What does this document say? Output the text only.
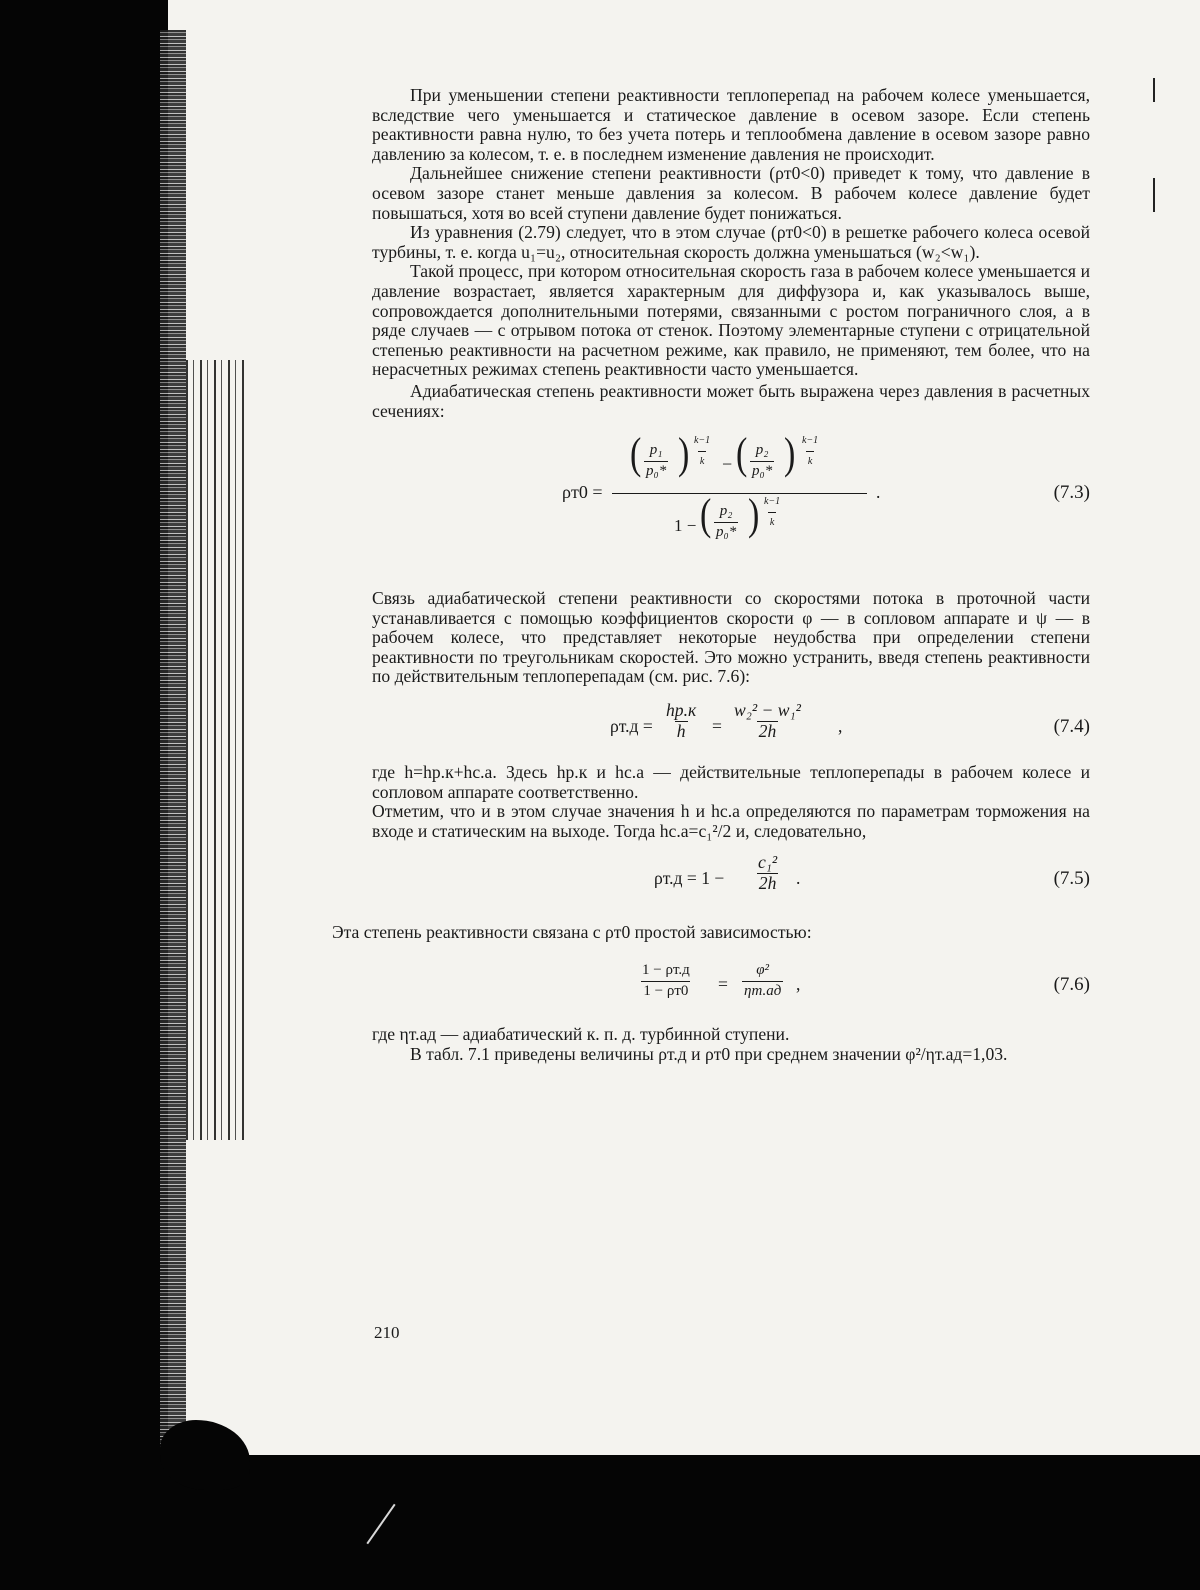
При уменьшении степени реактивности теплоперепад на рабочем колесе уменьшается, вследствие чего уменьшается и статическое давление в осевом зазоре. Если степень реактивности равна нулю, то без учета потерь и теплообмена давление в осевом зазоре равно давлению за колесом, т. е. в последнем изменение давления не происходит.

Дальнейшее снижение степени реактивности (ρт0<0) приведет к тому, что давление в осевом зазоре станет меньше давления за колесом. В рабочем колесе давление будет повышаться, хотя во всей ступени давление будет понижаться.

Из уравнения (2.79) следует, что в этом случае (ρт0<0) в решетке рабочего колеса осевой турбины, т. е. когда u₁=u₂, относительная скорость должна уменьшаться (w₂<w₁).

Такой процесс, при котором относительная скорость газа в рабочем колесе уменьшается и давление возрастает, является характерным для диффузора и, как указывалось выше, сопровождается дополнительными потерями, связанными с ростом пограничного слоя, а в ряде случаев — с отрывом потока от стенок. Поэтому элементарные ступени с отрицательной степенью реактивности на расчетном режиме, как правило, не применяют, тем более, что на нерасчетных режимах степень реактивности часто уменьшается.

Адиабатическая степень реактивности может быть выражена через давления в расчетных сечениях:

ρт0 =
( $\frac{\text{p₁}}{\text{p₀*}}$ ) $\frac{k-1}{k}$ − ( $\frac{\text{p₂}}{\text{p₀*}}$ ) $\frac{k-1}{k}$
1 − ( $\frac{\text{p₂}}{\text{p₀*}}$ ) $\frac{k-1}{k}$	.	(7.3)

Связь адиабатической степени реактивности со скоростями потока в проточной части устанавливается с помощью коэффициентов скорости φ — в сопловом аппарате и ψ — в рабочем колесе, что представляет некоторые неудобства при определении степени реактивности по треугольникам скоростей. Это можно устранить, введя степень реактивности по действительным теплоперепадам (см. рис. 7.6):

ρт.д =
hр.к
$h = \frac{\text{w₂² − w₁²}}{2h}$ ,	(7.4)

где h=hр.к+hс.а. Здесь hр.к и hс.а — действительные теплоперепады в рабочем колесе и сопловом аппарате соответственно.

Отметим, что и в этом случае значения h и hс.а определяются по параметрам торможения на входе и статическим на выходе. Тогда hс.а=c₁²/2 и, следовательно,

$\rho т.д = 1 - \frac{\text{c₁²}}{2h}$ .	(7.5)

Эта степень реактивности связана с ρт0 простой зависимостью:

1 − ρт.д
1 − ρт0 =
φ²
ηт.ад ,	(7.6)

где ηт.ад — адиабатический к. п. д. турбинной ступени.

В табл. 7.1 приведены величины ρт.д и ρт0 при среднем значении φ²/ηт.ад=1,03.

210
